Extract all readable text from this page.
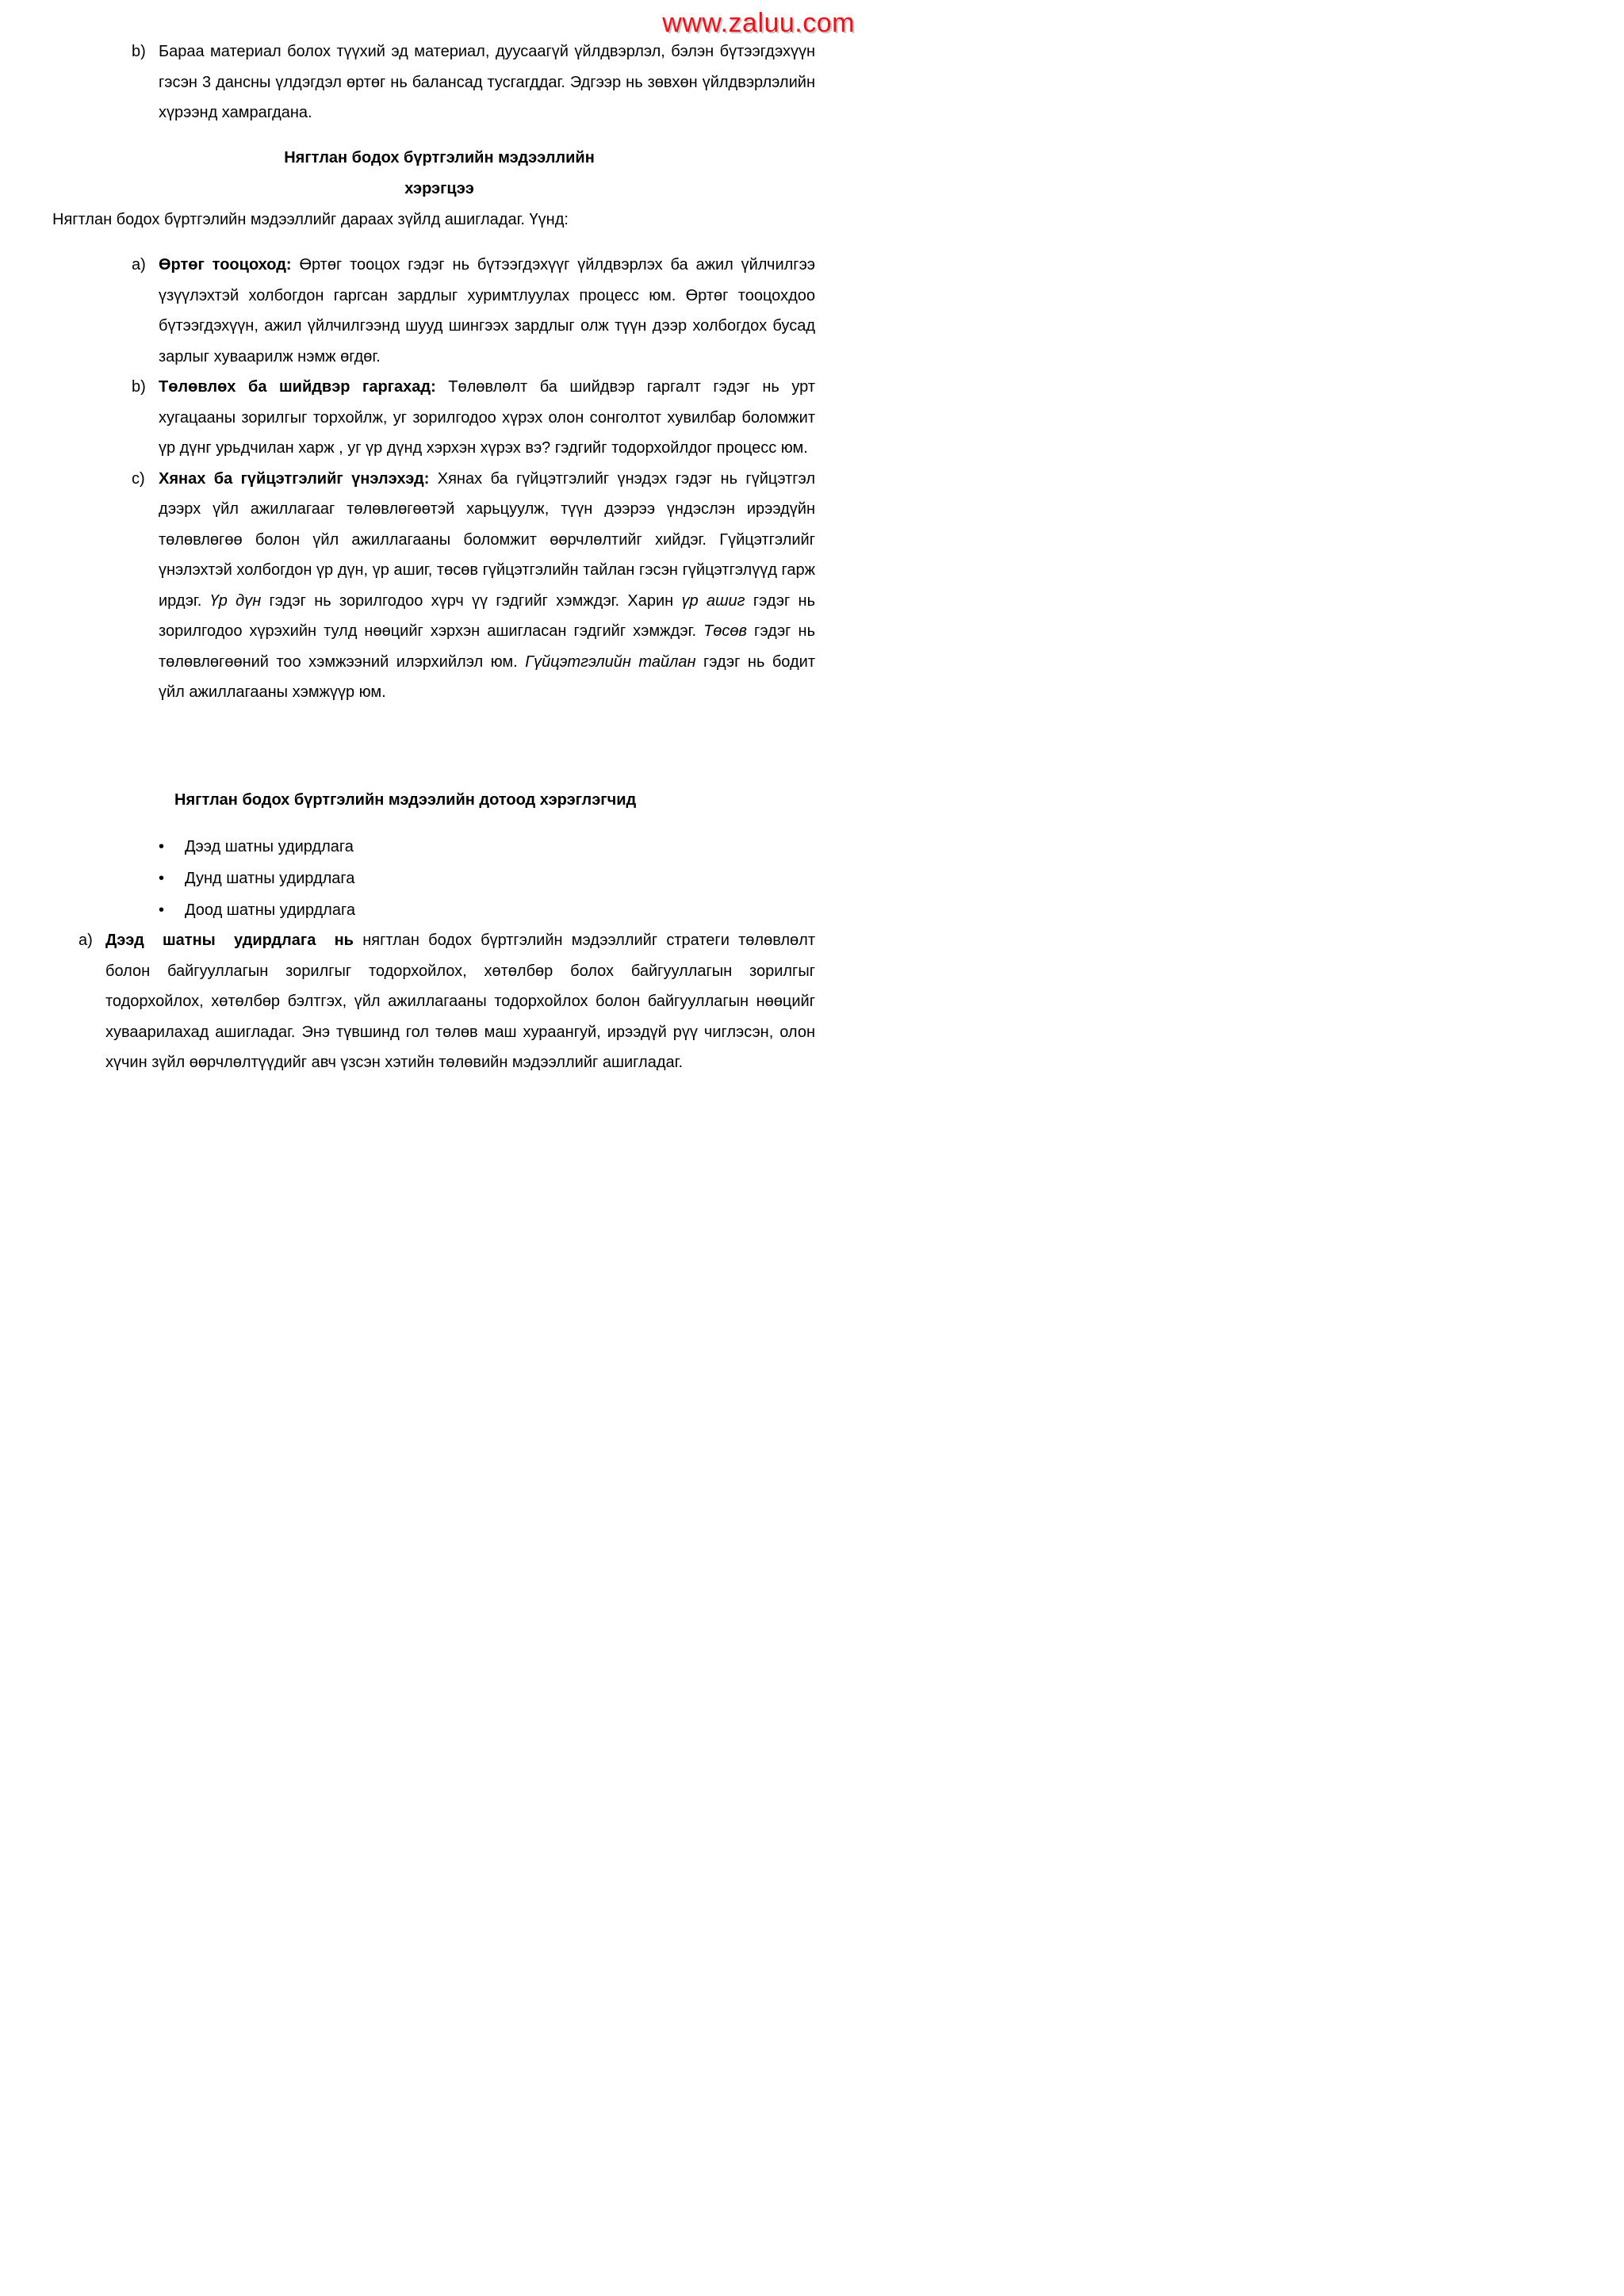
www.zaluu.com
b) Бараа материал болох түүхий эд материал, дуусаагүй үйлдвэрлэл, бэлэн бүтээгдэхүүн гэсэн 3 дансны үлдэгдэл өртөг нь балансад тусгагддаг. Эдгээр нь зөвхөн үйлдвэрлэлийн хүрээнд хамрагдана.
Нягтлан бодох бүртгэлийн мэдээллийн
хэрэгцээ
Нягтлан бодох бүртгэлийн мэдээллийг дараах зүйлд ашигладаг. Үүнд:
a) Өртөг тооцоход: Өртөг тооцох гэдэг нь бүтээгдэхүүг үйлдвэрлэх ба ажил үйлчилгээ үзүүлэхтэй холбогдон гаргсан зардлыг хуримтлуулах процесс юм. Өртөг тооцохдоо бүтээгдэхүүн, ажил үйлчилгээнд шууд шингээх зардлыг олж түүн дээр холбогдох бусад зарлыг хуваарилж нэмж өгдөг.
b) Төлөвлөх ба шийдвэр гаргахад: Төлөвлөлт ба шийдвэр гаргалт гэдэг нь урт хугацааны зорилгыг торхойлж, уг зорилгодоо хүрэх олон сонголтот хувилбар боломжит үр дүнг урьдчилан харж , уг үр дүнд хэрхэн хүрэх вэ? гэдгийг тодорхойлдог процесс юм.
c) Хянах ба гүйцэтгэлийг үнэлэхэд: Хянах ба гүйцэтгэлийг үнэдэх гэдэг нь гүйцэтгэл дээрх үйл ажиллагааг төлөвлөгөөтэй харьцуулж, түүн дээрээ үндэслэн ирээдүйн төлөвлөгөө болон үйл ажиллагааны боломжит өөрчлөлтийг хийдэг. Гүйцэтгэлийг үнэлэхтэй холбогдон үр дүн, үр ашиг, төсөв гүйцэтгэлийн тайлан гэсэн гүйцэтгэлүүд гарж ирдэг. Үр дүн гэдэг нь зорилгодоо хүрч үү гэдгийг хэмждэг. Харин үр ашиг гэдэг нь зорилгодоо хүрэхийн тулд нөөцийг хэрхэн ашигласан гэдгийг хэмждэг. Төсөв гэдэг нь төлөвлөгөөний тоо хэмжээний илэрхийлэл юм. Гүйцэтгэлийн тайлан гэдэг нь бодит үйл ажиллагааны хэмжүүр юм.
Нягтлан бодох бүртгэлийн мэдээлийн дотоод хэрэглэгчид
• Дээд шатны удирдлага
• Дунд шатны удирдлага
• Доод шатны удирдлага
a) Дээд шатны удирдлага нь нягтлан бодох бүртгэлийн мэдээллийг стратеги төлөвлөлт болон байгууллагын зорилгыг тодорхойлох, хөтөлбөр болох байгууллагын зорилгыг тодорхойлох, хөтөлбөр бэлтгэх, үйл ажиллагааны тодорхойлох болон байгууллагын нөөцийг хуваарилахад ашигладаг. Энэ түвшинд гол төлөв маш хураангуй, ирээдүй рүү чиглэсэн, олон хүчин зүйл өөрчлөлтүүдийг авч үзсэн хэтийн төлөвийн мэдээллийг ашигладаг.
